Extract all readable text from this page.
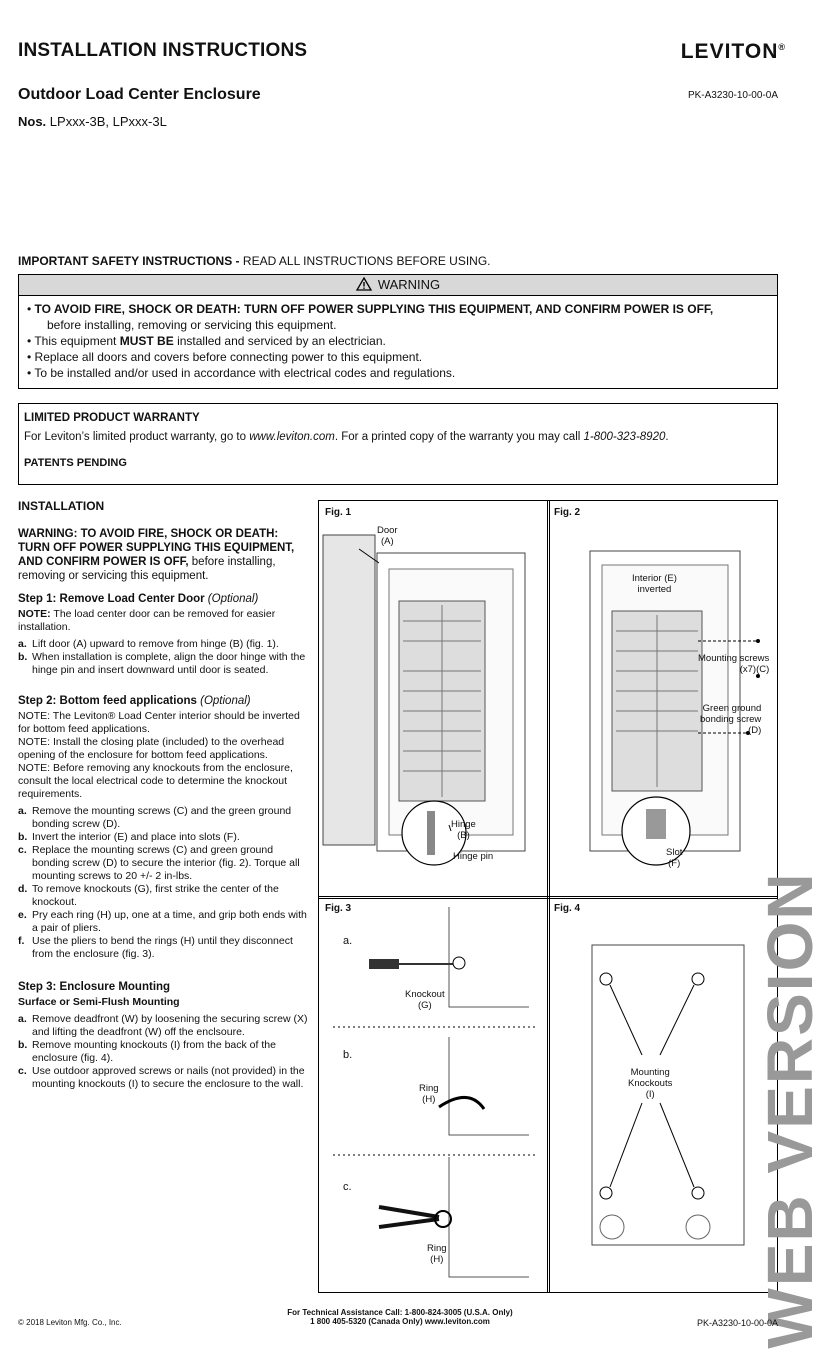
INSTALLATION INSTRUCTIONS	LEVITON®
Outdoor Load Center Enclosure	PK-A3230-10-00-0A
Nos. LPxxx-3B, LPxxx-3L
IMPORTANT SAFETY INSTRUCTIONS - READ ALL INSTRUCTIONS BEFORE USING.
WARNING
• TO AVOID FIRE, SHOCK OR DEATH: TURN OFF POWER SUPPLYING THIS EQUIPMENT, AND CONFIRM POWER IS OFF,
before installing, removing or servicing this equipment.
• This equipment MUST BE installed and serviced by an electrician.
• Replace all doors and covers before connecting power to this equipment.
• To be installed and/or used in accordance with electrical codes and regulations.
LIMITED PRODUCT WARRANTY
For Leviton’s limited product warranty, go to www.leviton.com. For a printed copy of the warranty you may call 1-800-323-8920.
PATENTS PENDING
INSTALLATION
WARNING: TO AVOID FIRE, SHOCK OR DEATH: TURN OFF POWER SUPPLYING THIS EQUIPMENT, AND CONFIRM POWER IS OFF, before installing, removing or servicing this equipment.
Step 1: Remove Load Center Door (Optional)

NOTE: The load center door can be removed for easier installation.

a. Lift door (A) upward to remove from hinge (B) (fig. 1).
b. When installation is complete, align the door hinge with the hinge pin and insert downward until door is seated.
Step 2: Bottom feed applications (Optional)

NOTE: The Leviton® Load Center interior should be inverted for bottom feed applications.

NOTE: Install the closing plate (included) to the overhead opening of the enclosure for bottom feed applications.

NOTE: Before removing any knockouts from the enclosure, consult the local electrical code to determine the knockout requirements.

a. Remove the mounting screws (C) and the green ground bonding screw (D).
b. Invert the interior (E) and place into slots (F).
c. Replace the mounting screws (C) and green ground bonding screw (D) to secure the interior (fig. 2). Torque all mounting screws to 20 +/- 2 in-lbs.
d. To remove knockouts (G), first strike the center of the knockout.
e. Pry each ring (H) up, one at a time, and grip both ends with a pair of pliers.
f. Use the pliers to bend the rings (H) until they disconnect from the enclosure (fig. 3).
Step 3: Enclosure Mounting

Surface or Semi-Flush Mounting

a. Remove deadfront (W) by loosening the securing screw (X) and lifting the deadfront (W) off the enclsoure.
b. Remove mounting knockouts (I) from the back of the enclosure (fig. 4).
c. Use outdoor approved screws or nails (not provided) in the mounting knockouts (I) to secure the enclosure to the wall.
Fig. 1
Door
(A)
Hinge
(B)
Hinge pin
Fig. 2
Interior (E)
inverted
Mounting screws
(x7)(C)
Green ground
bonding screw
(D)
Slot
(F)
Fig. 3
a.
b.
c.
Knockout
(G)
Ring
(H)
Ring
(H)
Fig. 4
Mounting
Knockouts
(I) WEB VERSION
© 2018 Leviton Mfg. Co., Inc.
For Technical Assistance Call: 1-800-824-3005 (U.S.A. Only)
1 800 405-5320 (Canada Only) www.leviton.com	PK-A3230-10-00-0A
